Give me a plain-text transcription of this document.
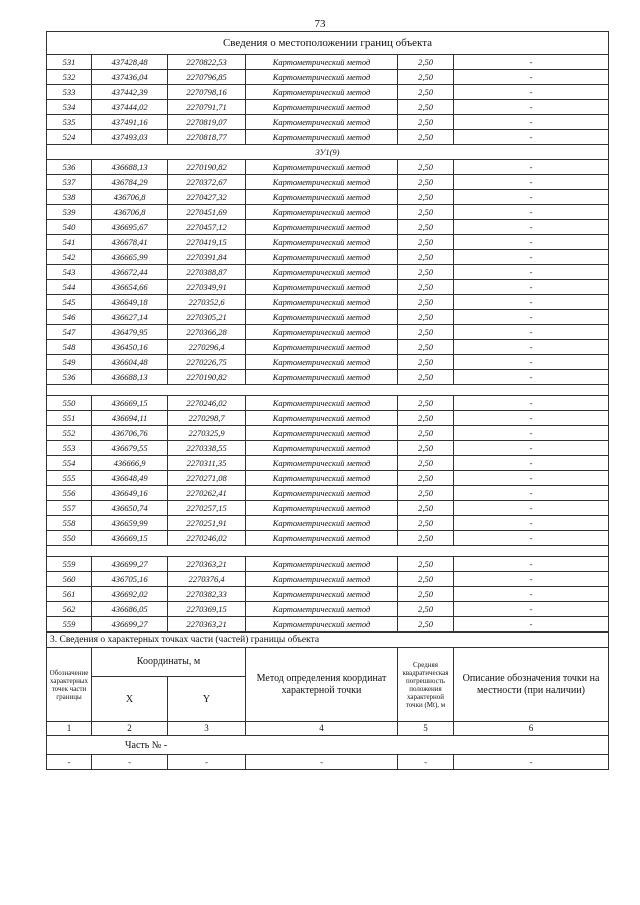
73
Сведения о местоположении границ объекта					
531	437428,48	2270822,53	Картометрический метод	2,50	-
532	437436,04	2270796,85	Картометрический метод	2,50	-
533	437442,39	2270798,16	Картометрический метод	2,50	-
534	437444,02	2270791,71	Картометрический метод	2,50	-
535	437491,16	2270819,07	Картометрический метод	2,50	-
524	437493,03	2270818,77	Картометрический метод	2,50	-
ЗУ1(9)					
536	436688,13	2270190,82	Картометрический метод	2,50	-
537	436784,29	2270372,67	Картометрический метод	2,50	-
538	436706,8	2270427,32	Картометрический метод	2,50	-
539	436706,8	2270451,69	Картометрический метод	2,50	-
540	436695,67	2270457,12	Картометрический метод	2,50	-
541	436678,41	2270419,15	Картометрический метод	2,50	-
542	436665,99	2270391,84	Картометрический метод	2,50	-
543	436672,44	2270388,87	Картометрический метод	2,50	-
544	436654,66	2270349,91	Картометрический метод	2,50	-
545	436649,18	2270352,6	Картометрический метод	2,50	-
546	436627,14	2270305,21	Картометрический метод	2,50	-
547	436479,95	2270366,28	Картометрический метод	2,50	-
548	436450,16	2270296,4	Картометрический метод	2,50	-
549	436604,48	2270226,75	Картометрический метод	2,50	-
536	436688,13	2270190,82	Картометрический метод	2,50	-

550	436669,15	2270246,02	Картометрический метод	2,50	-
551	436694,11	2270298,7	Картометрический метод	2,50	-
552	436706,76	2270325,9	Картометрический метод	2,50	-
553	436679,55	2270338,55	Картометрический метод	2,50	-
554	436666,9	2270311,35	Картометрический метод	2,50	-
555	436648,49	2270271,08	Картометрический метод	2,50	-
556	436649,16	2270262,41	Картометрический метод	2,50	-
557	436650,74	2270257,15	Картометрический метод	2,50	-
558	436659,99	2270251,91	Картометрический метод	2,50	-
550	436669,15	2270246,02	Картометрический метод	2,50	-

559	436699,27	2270363,21	Картометрический метод	2,50	-
560	436705,16	2270376,4	Картометрический метод	2,50	-
561	436692,02	2270382,33	Картометрический метод	2,50	-
562	436686,05	2270369,15	Картометрический метод	2,50	-
559	436699,27	2270363,21	Картометрический метод	2,50	-
3. Сведения о характерных точках части (частей) границы объекта					
Обозначение характерных точек части границы	Координаты, м		Метод определения координат характерной точки	Средняя квадратическая погрешность положения характерной точки (Mt), м	Описание обозначения точки на местности (при наличии)
	X	Y			
1	2	3	4	5	6
Часть № -					
-	-	-	-	-	-
